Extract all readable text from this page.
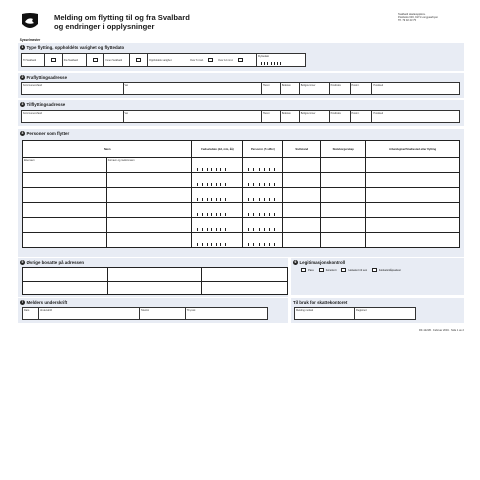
Sysselmester
Melding om flytting til og fra Svalbard
og endringer i opplysninger
Svalbard skatteoppkrev.
Postboks 633, 9171 Longyearbyen
Tlf. 79 02 43 75
1 Type flytting, oppholdéts varighet og flyttedato
Til Svalbard	Fra Svalbard	Innen Svalbard	Oppholdéts varighet:	Over 6 mnd.	Over 12 mnd.
Flyttedato
2 Fraflyttingsadresse
Kommunenr/land	Vei	Husnr.	Bokstav	Bolignummer	Postboks	Postnr.	Poststed
3 Tilflyttingsadresse
Kommunenr/land	Vei	Husnr.	Bokstav	Bolignummer	Postboks	Postnr.	Poststed
4 Personer som flytter
Navn		Fødselsdato (dd, mm, åå)	Personnr. (5 siffer)	Sivilstand	Statsborgerskap	Arbeidsgiver/Studiested etter flytting

Etternavn	Fornavn og mellomnavn					

5 Øvrige bosatte på adressen	6 Legitimasjonskontroll
Pass	Førerkort	Helsekort til svø	Fødsels/dåpsattest
7 Melders underskrift
Dato	Underskrift	Telefon	TF-post
Til bruk for skattekontoret
Melding mottatt	Registrert
RF-1221B · Februar 2004 · Side 1 av 2
